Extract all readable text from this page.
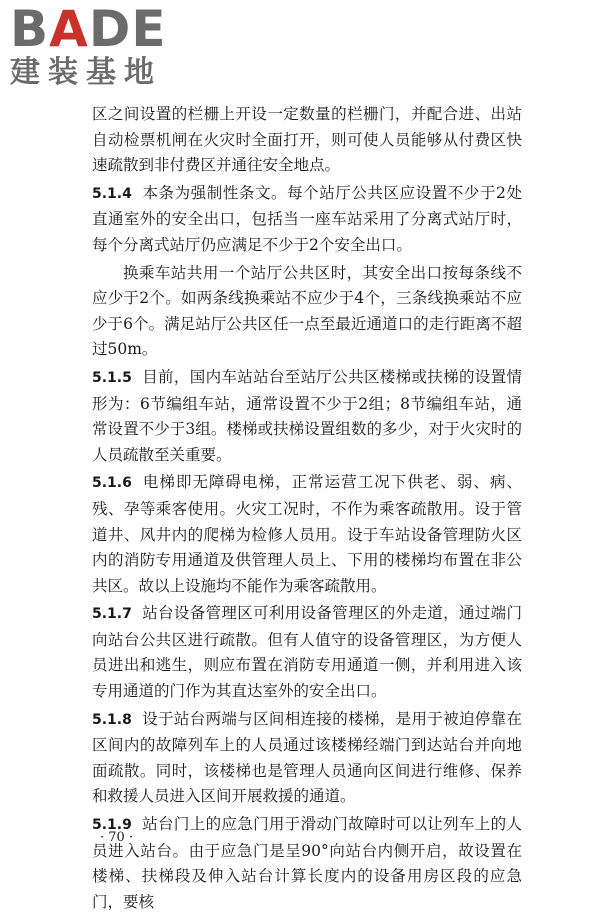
BADE
建装基地

区之间设置的栏栅上开设一定数量的栏栅门，并配合进、出站自动检票机闸在火灾时全面打开，则可使人员能够从付费区快速疏散到非付费区并通往安全地点。

5.1.4 本条为强制性条文。每个站厅公共区应设置不少于2处直通室外的安全出口，包括当一座车站采用了分离式站厅时，每个分离式站厅仍应满足不少于2个安全出口。

换乘车站共用一个站厅公共区时，其安全出口按每条线不应少于2个。如两条线换乘站不应少于4个，三条线换乘站不应少于6个。满足站厅公共区任一点至最近通道口的走行距离不超过50m。

5.1.5 目前，国内车站站台至站厅公共区楼梯或扶梯的设置情形为：6节编组车站，通常设置不少于2组；8节编组车站，通常设置不少于3组。楼梯或扶梯设置组数的多少，对于火灾时的人员疏散至关重要。

5.1.6 电梯即无障碍电梯，正常运营工况下供老、弱、病、残、孕等乘客使用。火灾工况时，不作为乘客疏散用。设于管道井、风井内的爬梯为检修人员用。设于车站设备管理防火区内的消防专用通道及供管理人员上、下用的楼梯均布置在非公共区。故以上设施均不能作为乘客疏散用。

5.1.7 站台设备管理区可利用设备管理区的外走道，通过端门向站台公共区进行疏散。但有人值守的设备管理区，为方便人员进出和逃生，则应布置在消防专用通道一侧，并利用进入该专用通道的门作为其直达室外的安全出口。

5.1.8 设于站台两端与区间相连接的楼梯，是用于被迫停靠在区间内的故障列车上的人员通过该楼梯经端门到达站台并向地面疏散。同时，该楼梯也是管理人员通向区间进行维修、保养和救援人员进入区间开展救援的通道。

5.1.9 站台门上的应急门用于滑动门故障时可以让列车上的人员进入站台。由于应急门是呈90°向站台内侧开启，故设置在楼梯、扶梯段及伸入站台计算长度内的设备用房区段的应急门，要核

· 70 ·
